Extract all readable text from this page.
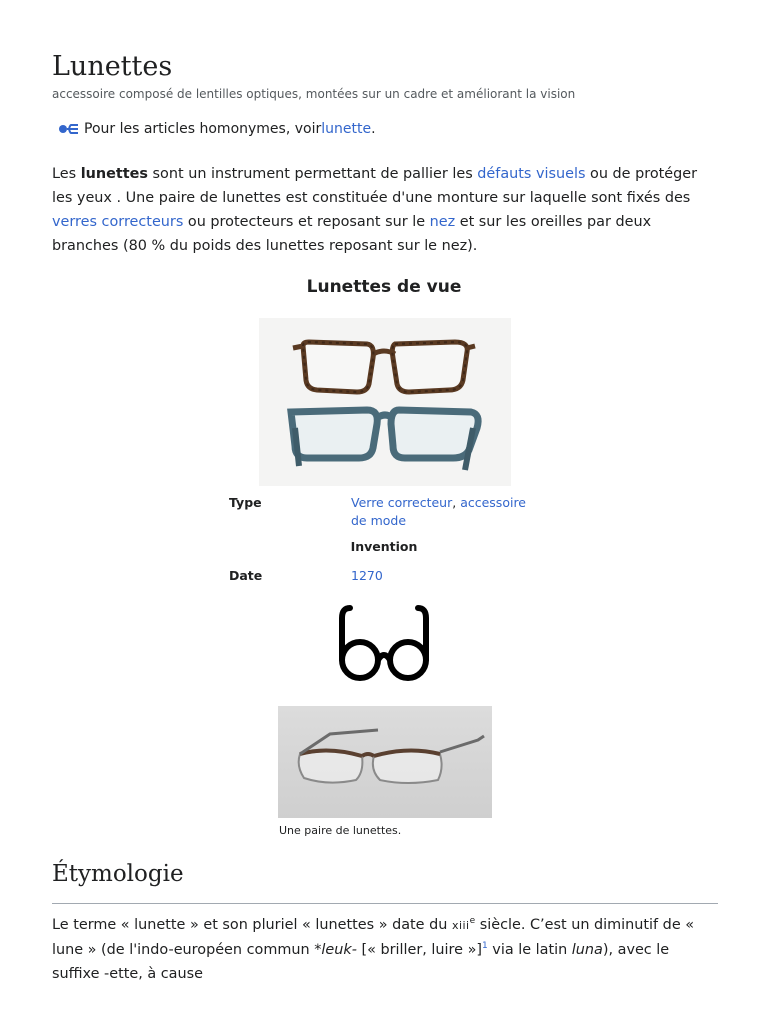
Lunettes
accessoire composé de lentilles optiques, montées sur un cadre et améliorant la vision
Pour les articles homonymes, voir lunette .

Les lunettes sont un instrument permettant de pallier les défauts visuels ou de protéger les yeux . Une paire de lunettes est constituée d'une monture sur laquelle sont fixés des verres correcteurs ou protecteurs et reposant sur le nez et sur les oreilles par deux branches (80 % du poids des lunettes reposant sur le nez).

Lunettes de vue
Type	Verre correcteur, accessoire de mode
Invention
Date	1270
Une paire de lunettes.
Étymologie

Le terme « lunette » et son pluriel « lunettes » date du xiii$^e$ siècle. C’est un diminutif de « lune » (de l'indo-européen commun *leuk- [« briller, luire »]$^1$ via le latin luna), avec le suffixe -ette, à cause
